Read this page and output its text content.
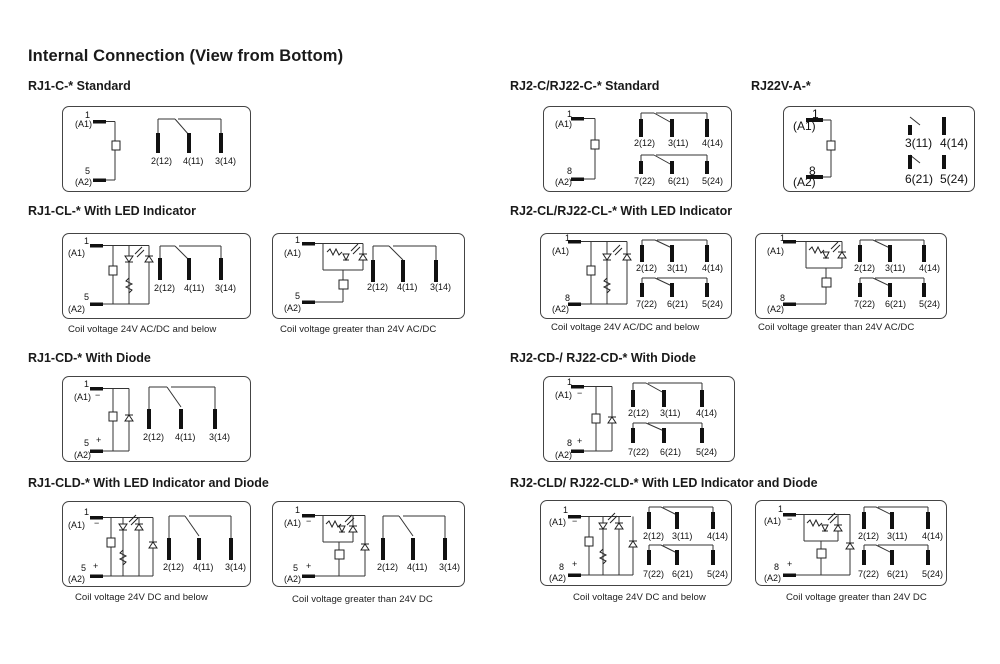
Internal Connection (View from Bottom)
RJ1-C-* Standard	RJ2-C/RJ22-C-* Standard	RJ22V-A-*
RJ1-CL-* With LED Indicator	RJ2-CL/RJ22-CL-* With LED Indicator
RJ1-CD-* With Diode	RJ2-CD-/ RJ22-CD-* With Diode
RJ1-CLD-* With LED Indicator and Diode	RJ2-CLD/ RJ22-CLD-* With LED Indicator and Diode
1
(A1)
5
(A2)
2(12) 4(11) 3(14)
1
(A1)
8
(A2)
2(12) 3(11) 4(14)
7(22) 6(21) 5(24)
1
(A1)
8
(A2)
3(11) 4(14)
6(21) 5(24)
1
(A1)
5
(A2)
2(12) 4(11) 3(14)
Coil voltage 24V AC/DC and below
1
(A1)
5
(A2)
2(12) 4(11) 3(14)
Coil voltage greater than 24V AC/DC
1
(A1)
8
(A2)
2(12) 3(11) 4(14)
7(22) 6(21) 5(24)
Coil voltage 24V AC/DC and below
1
(A1)
8
(A2)
2(12) 3(11) 4(14)
7(22) 6(21) 5(24)
Coil voltage greater than 24V AC/DC
1
(A1) −
5 +
(A2)
2(12) 4(11) 3(14)
1
(A1) −
8 +
(A2)
2(12) 3(11) 4(14)
7(22) 6(21) 5(24)
1
(A1) −
5 +
(A2)
2(12) 4(11) 3(14)
Coil voltage 24V DC and below
1
(A1) −
5 +
(A2)
2(12) 4(11) 3(14)
Coil voltage greater than 24V DC
1
(A1) −
8 +
(A2)
2(12) 3(11) 4(14)
7(22) 6(21) 5(24)
Coil voltage 24V DC and below
1
(A1) −
8 +
(A2)
2(12) 3(11) 4(14)
7(22) 6(21) 5(24)
Coil voltage greater than 24V DC
